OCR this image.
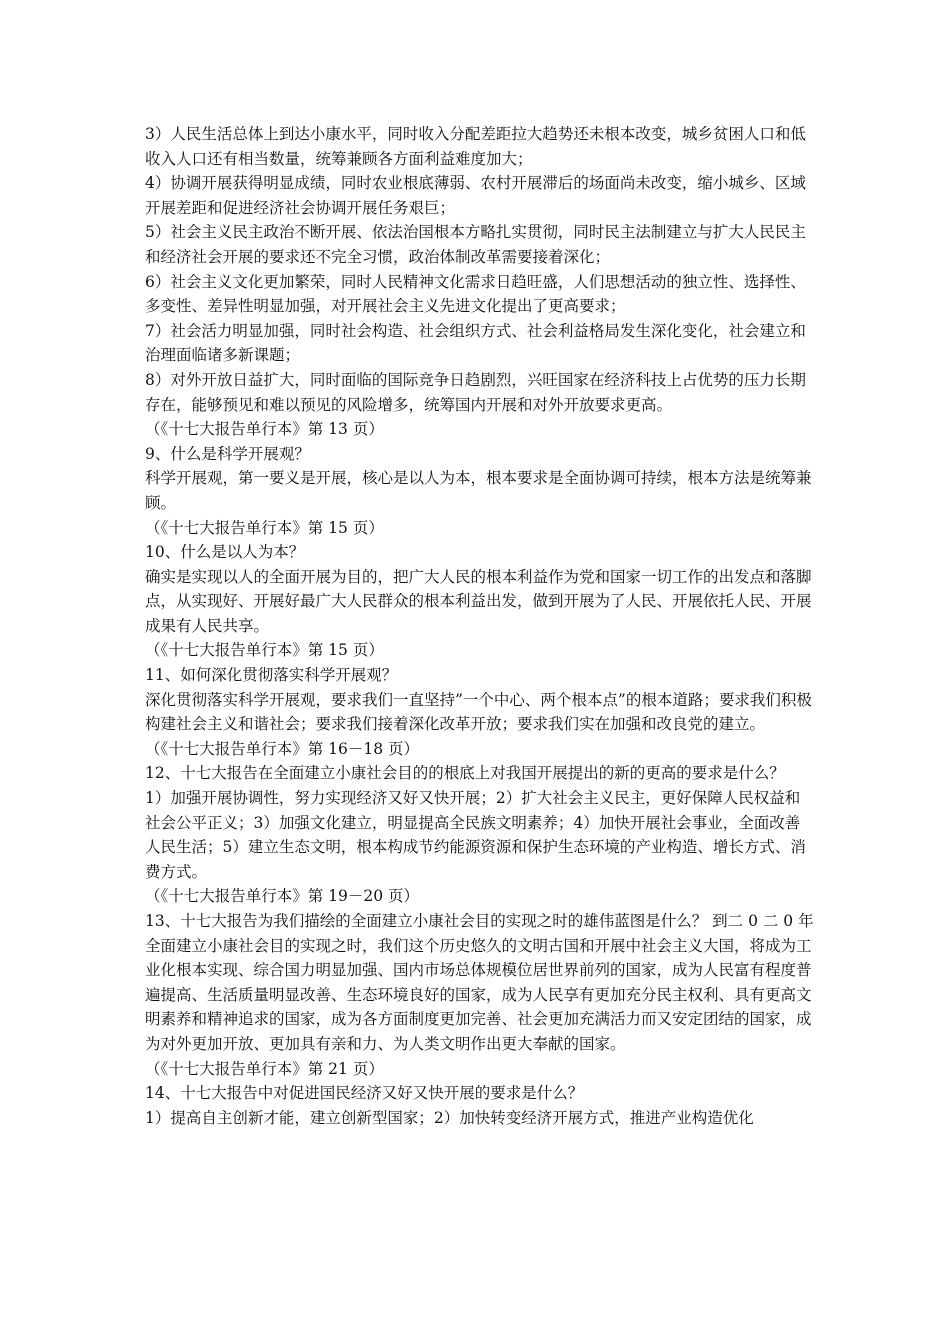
3）人民生活总体上到达小康水平，同时收入分配差距拉大趋势还未根本改变，城乡贫困人口和低收入人口还有相当数量，统筹兼顾各方面利益难度加大；

4）协调开展获得明显成绩，同时农业根底薄弱、农村开展滞后的场面尚未改变，缩小城乡、区域开展差距和促进经济社会协调开展任务艰巨；

5）社会主义民主政治不断开展、依法治国根本方略扎实贯彻，同时民主法制建立与扩大人民民主和经济社会开展的要求还不完全习惯，政治体制改革需要接着深化；

6）社会主义文化更加繁荣，同时人民精神文化需求日趋旺盛，人们思想活动的独立性、选择性、多变性、差异性明显加强，对开展社会主义先进文化提出了更高要求；

7）社会活力明显加强，同时社会构造、社会组织方式、社会利益格局发生深化变化，社会建立和治理面临诸多新课题；

8）对外开放日益扩大，同时面临的国际竞争日趋剧烈，兴旺国家在经济科技上占优势的压力长期存在，能够预见和难以预见的风险增多，统筹国内开展和对外开放要求更高。

（《十七大报告单行本》第 13 页）

9、什么是科学开展观？

科学开展观，第一要义是开展，核心是以人为本，根本要求是全面协调可持续，根本方法是统筹兼顾。

（《十七大报告单行本》第 15 页）

10、什么是以人为本？

确实是实现以人的全面开展为目的，把广大人民的根本利益作为党和国家一切工作的出发点和落脚点，从实现好、开展好最广大人民群众的根本利益出发，做到开展为了人民、开展依托人民、开展成果有人民共享。

（《十七大报告单行本》第 15 页）

11、如何深化贯彻落实科学开展观？

深化贯彻落实科学开展观，要求我们一直坚持”一个中心、两个根本点”的根本道路；要求我们积极构建社会主义和谐社会；要求我们接着深化改革开放；要求我们实在加强和改良党的建立。

（《十七大报告单行本》第 16－18 页）

12、十七大报告在全面建立小康社会目的的根底上对我国开展提出的新的更高的要求是什么？

1）加强开展协调性，努力实现经济又好又快开展；2）扩大社会主义民主，更好保障人民权益和社会公平正义；3）加强文化建立，明显提高全民族文明素养；4）加快开展社会事业，全面改善人民生活；5）建立生态文明，根本构成节约能源资源和保护生态环境的产业构造、增长方式、消费方式。

（《十七大报告单行本》第 19－20 页）

13、十七大报告为我们描绘的全面建立小康社会目的实现之时的雄伟蓝图是什么？ 到二 0 二 0 年全面建立小康社会目的实现之时，我们这个历史悠久的文明古国和开展中社会主义大国，将成为工业化根本实现、综合国力明显加强、国内市场总体规模位居世界前列的国家，成为人民富有程度普遍提高、生活质量明显改善、生态环境良好的国家，成为人民享有更加充分民主权利、具有更高文明素养和精神追求的国家，成为各方面制度更加完善、社会更加充满活力而又安定团结的国家，成为对外更加开放、更加具有亲和力、为人类文明作出更大奉献的国家。

（《十七大报告单行本》第 21 页）

14、十七大报告中对促进国民经济又好又快开展的要求是什么？

1）提高自主创新才能，建立创新型国家；2）加快转变经济开展方式，推进产业构造优化
